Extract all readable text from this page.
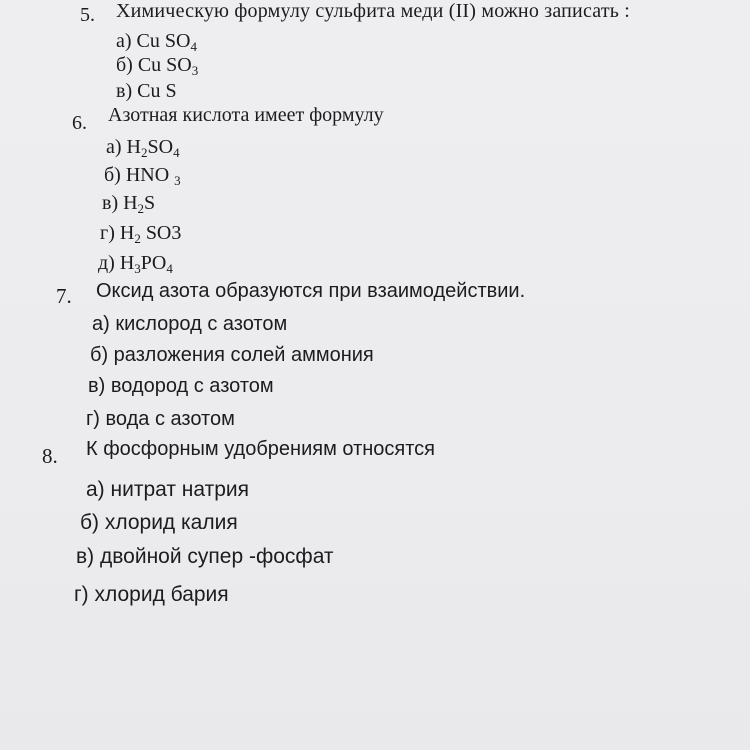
5. Химическую формулу сульфита меди (II) можно записать :
а) Cu $SO_4$
б) Cu $SO_3$
в) Cu S
6. Азотная кислота имеет формулу
а) $H_2SO_4$
б) HNO $_3$
в) $H_2S$
г) $H_2$ SO3
д) $H_3PO_4$
7. Оксид азота образуются при взаимодействии.
а) кислород с азотом
б) разложения солей аммония
в) водород с азотом
г) вода с азотом
8. К фосфорным удобрениям относятся
а) нитрат натрия
б) хлорид калия
в) двойной супер -фосфат
г) хлорид бария
